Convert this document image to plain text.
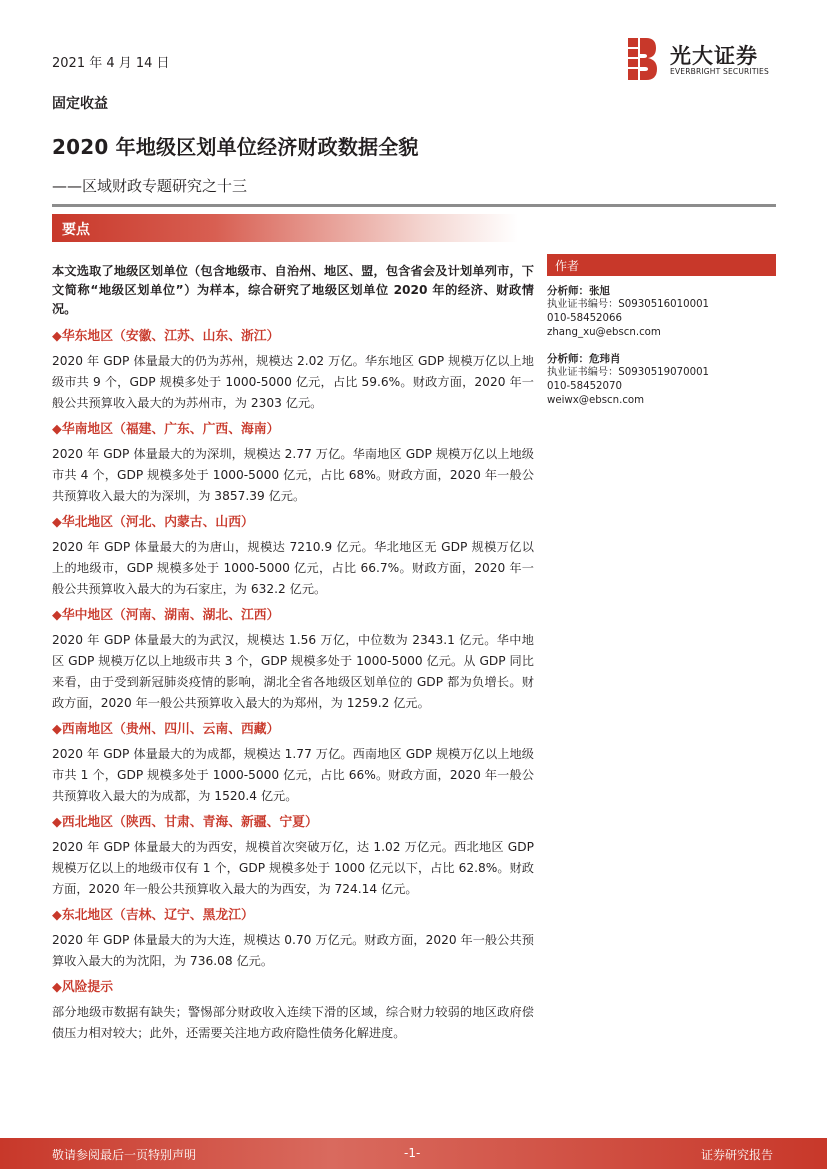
2021 年 4 月 14 日
固定收益
2020 年地级区划单位经济财政数据全貌
——区域财政专题研究之十三
光大证券
EVERBRIGHT SECURITIES
要点

本文选取了地级区划单位（包含地级市、自治州、地区、盟，包含省会及计划单列市，下文简称“地级区划单位”）为样本，综合研究了地级区划单位 2020 年的经济、财政情况。

◆华东地区（安徽、江苏、山东、浙江）

2020 年 GDP 体量最大的仍为苏州，规模达 2.02 万亿。华东地区 GDP 规模万亿以上地级市共 9 个，GDP 规模多处于 1000-5000 亿元，占比 59.6%。财政方面，2020 年一般公共预算收入最大的为苏州市，为 2303 亿元。

◆华南地区（福建、广东、广西、海南）

2020 年 GDP 体量最大的为深圳，规模达 2.77 万亿。华南地区 GDP 规模万亿以上地级市共 4 个，GDP 规模多处于 1000-5000 亿元，占比 68%。财政方面，2020 年一般公共预算收入最大的为深圳，为 3857.39 亿元。

◆华北地区（河北、内蒙古、山西）

2020 年 GDP 体量最大的为唐山，规模达 7210.9 亿元。华北地区无 GDP 规模万亿以上的地级市，GDP 规模多处于 1000-5000 亿元，占比 66.7%。财政方面，2020 年一般公共预算收入最大的为石家庄，为 632.2 亿元。

◆华中地区（河南、湖南、湖北、江西）

2020 年 GDP 体量最大的为武汉，规模达 1.56 万亿，中位数为 2343.1 亿元。华中地区 GDP 规模万亿以上地级市共 3 个，GDP 规模多处于 1000-5000 亿元。从 GDP 同比来看，由于受到新冠肺炎疫情的影响，湖北全省各地级区划单位的 GDP 都为负增长。财政方面，2020 年一般公共预算收入最大的为郑州，为 1259.2 亿元。

◆西南地区（贵州、四川、云南、西藏）

2020 年 GDP 体量最大的为成都，规模达 1.77 万亿。西南地区 GDP 规模万亿以上地级市共 1 个，GDP 规模多处于 1000-5000 亿元，占比 66%。财政方面，2020 年一般公共预算收入最大的为成都，为 1520.4 亿元。

◆西北地区（陕西、甘肃、青海、新疆、宁夏）

2020 年 GDP 体量最大的为西安，规模首次突破万亿，达 1.02 万亿元。西北地区 GDP 规模万亿以上的地级市仅有 1 个，GDP 规模多处于 1000 亿元以下，占比 62.8%。财政方面，2020 年一般公共预算收入最大的为西安，为 724.14 亿元。

◆东北地区（吉林、辽宁、黑龙江）

2020 年 GDP 体量最大的为大连，规模达 0.70 万亿元。财政方面，2020 年一般公共预算收入最大的为沈阳，为 736.08 亿元。

◆风险提示

部分地级市数据有缺失；警惕部分财政收入连续下滑的区域，综合财力较弱的地区政府偿债压力相对较大；此外，还需要关注地方政府隐性债务化解进度。

作者
分析师：张旭
执业证书编号：S0930516010001
010-58452066
zhang_xu@ebscn.com
分析师：危玮肖
执业证书编号：S0930519070001
010-58452070
weiwx@ebscn.com
敬请参阅最后一页特别声明	-1-	证券研究报告
